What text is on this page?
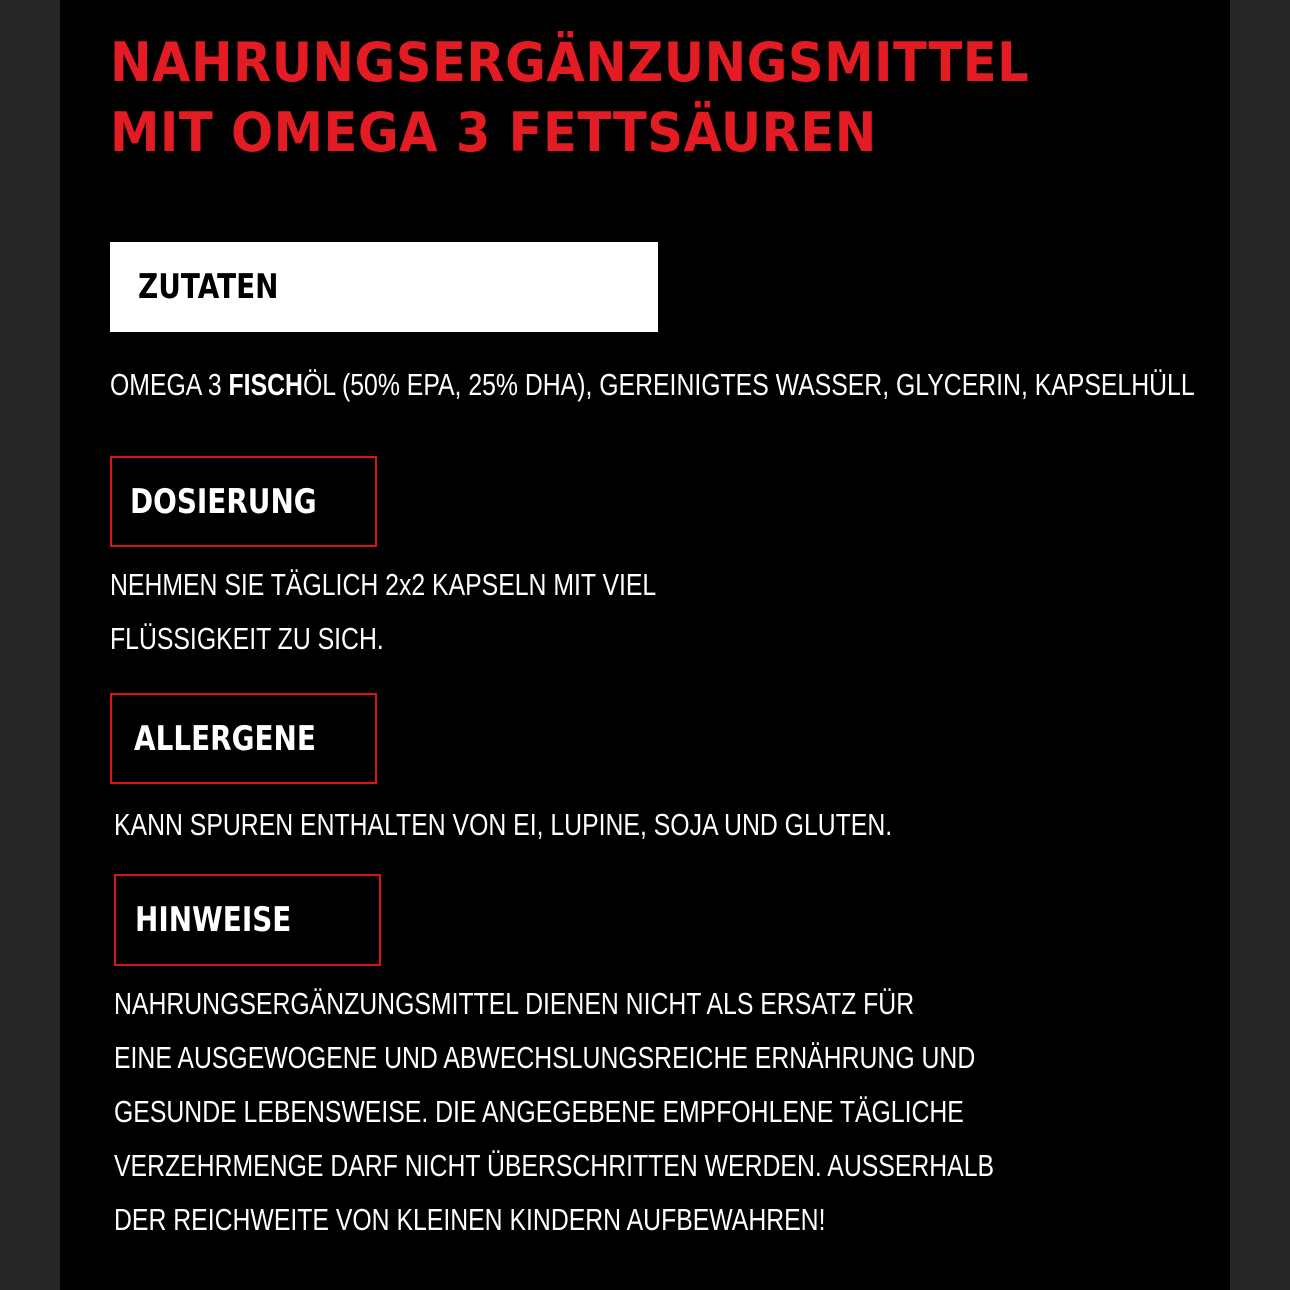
NAHRUNGSERGÄNZUNGSMITTEL
MIT OMEGA 3 FETTSÄUREN
ZUTATEN

OMEGA 3 FISCHÖL (50% EPA, 25% DHA), GEREINIGTES WASSER, GLYCERIN, KAPSELHÜLL

DOSIERUNG

NEHMEN SIE TÄGLICH 2x2 KAPSELN MIT VIEL
FLÜSSIGKEIT ZU SICH.

ALLERGENE

KANN SPUREN ENTHALTEN VON EI, LUPINE, SOJA UND GLUTEN.

HINWEISE

NAHRUNGSERGÄNZUNGSMITTEL DIENEN NICHT ALS ERSATZ FÜR
EINE AUSGEWOGENE UND ABWECHSLUNGSREICHE ERNÄHRUNG UND
GESUNDE LEBENSWEISE. DIE ANGEGEBENE EMPFOHLENE TÄGLICHE
VERZEHRMENGE DARF NICHT ÜBERSCHRITTEN WERDEN. AUSSERHALB
DER REICHWEITE VON KLEINEN KINDERN AUFBEWAHREN!
